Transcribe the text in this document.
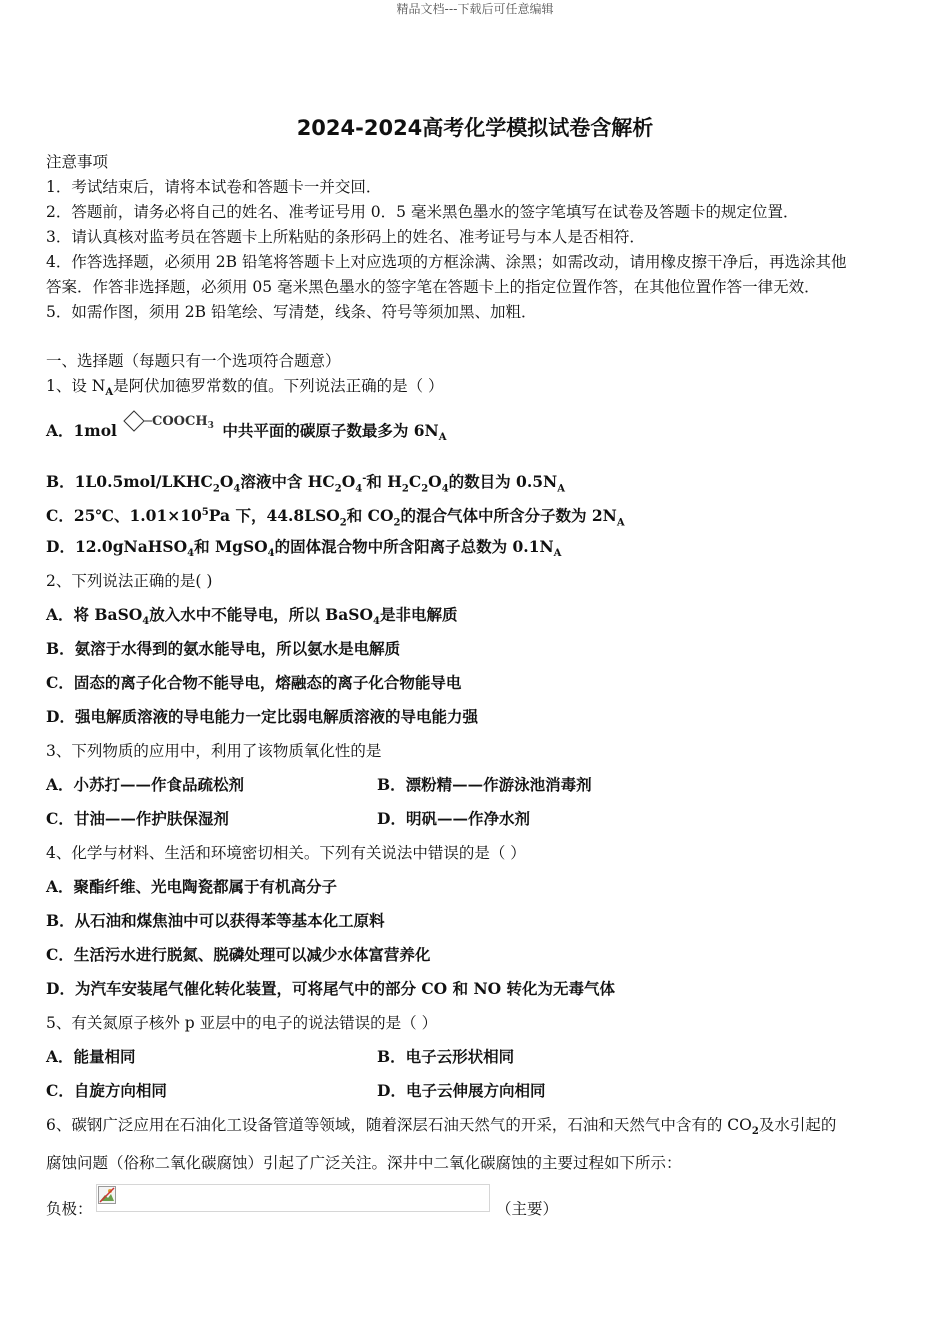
精品文档---下载后可任意编辑
2024-2024高考化学模拟试卷含解析
注意事项
1．考试结束后，请将本试卷和答题卡一并交回．
2．答题前，请务必将自己的姓名、准考证号用 0．5 毫米黑色墨水的签字笔填写在试卷及答题卡的规定位置．
3．请认真核对监考员在答题卡上所粘贴的条形码上的姓名、准考证号与本人是否相符．
4．作答选择题，必须用 2B 铅笔将答题卡上对应选项的方框涂满、涂黑；如需改动，请用橡皮擦干净后，再选涂其他
答案．作答非选择题，必须用 05 毫米黑色墨水的签字笔在答题卡上的指定位置作答，在其他位置作答一律无效．
5．如需作图，须用 2B 铅笔绘、写清楚，线条、符号等须加黑、加粗．
一、选择题（每题只有一个选项符合题意）
1、设 $N_A$是阿伏加德罗常数的值。下列说法正确的是（ ）
A．1mol	$COOCH_3$ 中共平面的碳原子数最多为 $6N_A$
B．$1L0.5mol/LKHC_2O_4$溶液中含 $HC_2O_4^-$和 $H_2C_2O_4$的数目为 $0.5N_A$
C．25℃、$1.01\times 10^5Pa$ 下，$44.8LSO_2$和 $CO_2$的混合气体中所含分子数为 $2N_A$
D．12.0gNaHSO$_4$和 MgSO$_4$的固体混合物中所含阳离子总数为 $0.1N_A$
2、下列说法正确的是( )
A．将 BaSO$_4$放入水中不能导电，所以 BaSO$_4$是非电解质
B．氨溶于水得到的氨水能导电，所以氨水是电解质
C．固态的离子化合物不能导电，熔融态的离子化合物能导电
D．强电解质溶液的导电能力一定比弱电解质溶液的导电能力强
3、下列物质的应用中，利用了该物质氧化性的是
A．小苏打——作食品疏松剂	B．漂粉精——作游泳池消毒剂
C．甘油——作护肤保湿剂	D．明矾——作净水剂
4、化学与材料、生活和环境密切相关。下列有关说法中错误的是（ ）
A．聚酯纤维、光电陶瓷都属于有机高分子
B．从石油和煤焦油中可以获得苯等基本化工原料
C．生活污水进行脱氮、脱磷处理可以减少水体富营养化
D．为汽车安装尾气催化转化装置，可将尾气中的部分 CO 和 NO 转化为无毒气体
5、有关氮原子核外 p 亚层中的电子的说法错误的是（ ）
A．能量相同	B．电子云形状相同
C．自旋方向相同	D．电子云伸展方向相同
6、碳钢广泛应用在石油化工设备管道等领域，随着深层石油天然气的开采，石油和天然气中含有的 $CO_2$及水引起的
腐蚀问题（俗称二氧化碳腐蚀）引起了广泛关注。深井中二氧化碳腐蚀的主要过程如下所示：
负极：	（主要）
